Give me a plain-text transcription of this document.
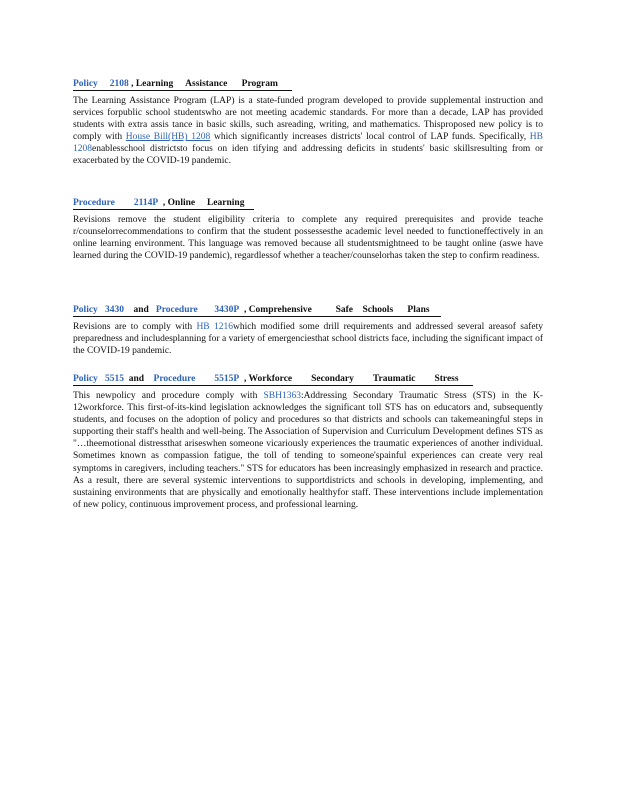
Policy 2108 , Learning Assistance Program
The Learning Assistance Program (LAP) is a state-funded program developed to provide supplemental instruction and services forpublic school studentswho are not meeting academic standards. For more than a decade, LAP has provided students with extra assis tance in basic skills, such asreading, writing, and mathematics. Thisproposed new policy is to comply with House Bill(HB) 1208 which significantly increases districts' local control of LAP funds. Specifically, HB 1208enablesschool districtsto focus on iden tifying and addressing deficits in students' basic skillsresulting from or exacerbated by the COVID-19 pandemic.
Procedure 2114P , Online Learning
Revisions remove the student eligibility criteria to complete any required prerequisites and provide teache r/counselorrecommendations to confirm that the student possessesthe academic level needed to functioneffectively in an online learning environment. This language was removed because all studentsmightneed to be taught online (aswe have learned during the COVID-19 pandemic), regardlessof whether a teacher/counselorhas taken the step to confirm readiness.
Policy 3430 and Procedure 3430P , Comprehensive	Safe Schools Plans
Revisions are to comply with HB 1216which modified some drill requirements and addressed several areasof safety preparedness and includesplanning for a variety of emergenciesthat school districts face, including the significant impact of the COVID-19 pandemic.
Policy 5515 and Procedure 5515P , Workforce Secondary Traumatic Stress
This newpolicy and procedure comply with SBH1363:Addressing Secondary Traumatic Stress (STS) in the K-12workforce. This first-of-its-kind legislation acknowledges the significant toll STS has on educators and, subsequently students, and focuses on the adoption of policy and procedures so that districts and schools can takemeaningful steps in supporting their staff's health and well-being. The Association of Supervision and Curriculum Development defines STS as "…theemotional distressthat ariseswhen someone vicariously experiences the traumatic experiences of another individual. Sometimes known as compassion fatigue, the toll of tending to someone'spainful experiences can create very real symptoms in caregivers, including teachers." STS for educators has been increasingly emphasized in research and practice. As a result, there are several systemic interventions to supportdistricts and schools in developing, implementing, and sustaining environments that are physically and emotionally healthyfor staff. These interventions include implementation of new policy, continuous improvement process, and professional learning.
